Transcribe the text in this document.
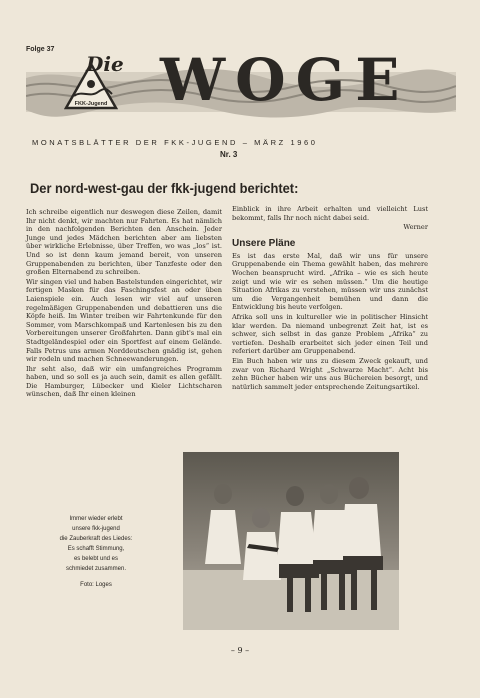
Folge 37
FKK-Jugend
Die WOGE
MONATSBLÄTTER DER FKK-JUGEND – MÄRZ 1960
Nr. 3
Der nord-west-gau der fkk-jugend berichtet:

Ich schreibe eigentlich nur deswegen diese Zeilen, damit Ihr nicht denkt, wir machten nur Fahrten. Es hat nämlich in den nachfolgenden Berichten den Anschein. Jeder Junge und jedes Mädchen berichten aber am liebsten über wirkliche Erlebnisse, über Treffen, wo was „los“ ist. Und so ist denn kaum jemand bereit, von unseren Gruppenabenden zu berichten, über Tanzfeste oder den großen Elternabend zu schreiben.

Wir singen viel und haben Bastelstunden eingerichtet, wir fertigen Masken für das Faschingsfest an oder üben Laienspiele ein. Auch lesen wir viel auf unseren regelmäßigen Gruppenabenden und debattieren uns die Köpfe heiß. Im Winter treiben wir Fahrtenkunde für den Sommer, vom Marschkompaß und Kartenlesen bis zu den Vorbereitungen unserer Großfahrten. Dann gibt's mal ein Stadtgeländespiel oder ein Sportfest auf einem Gelände. Falls Petrus uns armen Norddeutschen gnädig ist, gehen wir rodeln und machen Schneewanderungen.

Ihr seht also, daß wir ein umfangreiches Programm haben, und so soll es ja auch sein, damit es allen gefällt. Die Hamburger, Lübecker und Kieler Lichtscharen wünschen, daß Ihr einen kleinen

Einblick in ihre Arbeit erhalten und vielleicht Lust bekommt, falls Ihr noch nicht dabei seid.

Werner

Unsere Pläne

Es ist das erste Mal, daß wir uns für unsere Gruppenabende ein Thema gewählt haben, das mehrere Wochen beansprucht wird. „Afrika – wie es sich heute zeigt und wie wir es sehen müssen.“ Um die heutige Situation Afrikas zu verstehen, müssen wir uns zunächst um die Vergangenheit bemühen und dann die Entwicklung bis heute verfolgen.

Afrika soll uns in kultureller wie in politischer Hinsicht klar werden. Da niemand unbegrenzt Zeit hat, ist es schwer, sich selbst in das ganze Problem „Afrika“ zu vertiefen. Deshalb erarbeitet sich jeder einen Teil und referiert darüber am Gruppenabend.

Ein Buch haben wir uns zu diesem Zweck gekauft, und zwar von Richard Wright „Schwarze Macht“. Acht bis zehn Bücher haben wir uns aus Büchereien besorgt, und natürlich sammelt jeder entsprechende Zeitungsartikel.

Immer wieder erlebt
unsere fkk-jugend
die Zauberkraft des Liedes:
Es schafft Stimmung,
es belebt und es
schmiedet zusammen.
Foto: Loges
– 9 –
